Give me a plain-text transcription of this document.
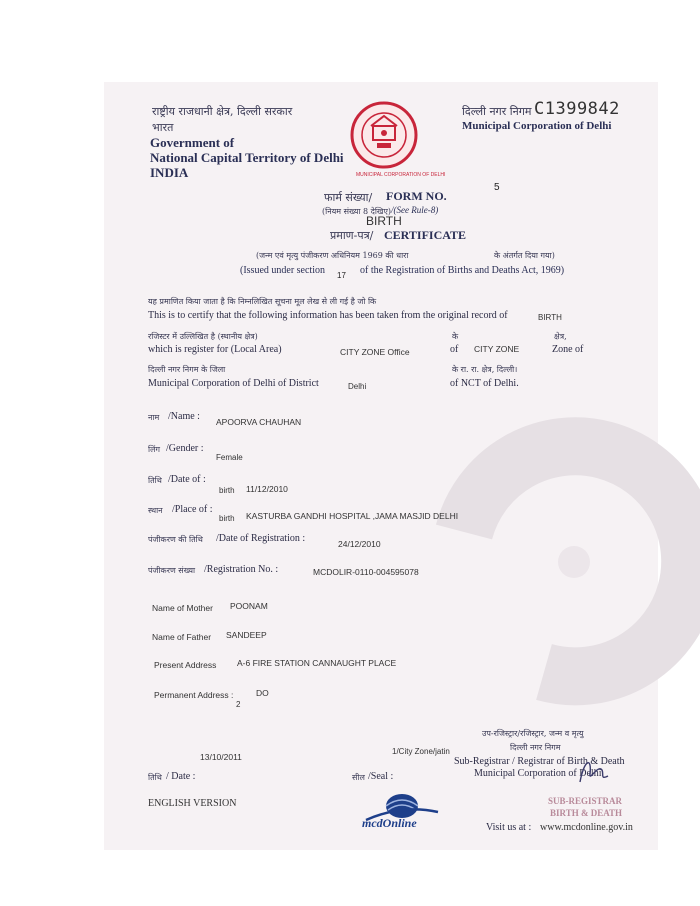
राष्ट्रीय राजधानी क्षेत्र, दिल्ली सरकार
भारत
Government of
National Capital Territory of Delhi
INDIA	MUNICIPAL CORPORATION OF DELHI
दिल्ली नगर निगम C1399842
Municipal Corporation of Delhi
फार्म संख्या/ FORM NO.
5
(नियम संख्या 8 देखिए) /(See Rule-8)
BIRTH
प्रमाण-पत्र/ CERTIFICATE
(जन्म एवं मृत्यु पंजीकरण अधिनियम 1969 की धारा	के अंतर्गत दिया गया)
(Issued under section 17 of the Registration of Births and Deaths Act, 1969)
यह प्रमाणित किया जाता है कि निम्नलिखित सूचना मूल लेख से ली गई है जो कि
This is to certify that the following information has been taken from the original record of	BIRTH
रजिस्टर में उल्लिखित है (स्थानीय क्षेत्र)	के	क्षेत्र,
which is register for (Local Area)	CITY ZONE Office	of CITY ZONE	Zone of
दिल्ली नगर निगम के जिला	के रा. रा. क्षेत्र, दिल्ली।
Municipal Corporation of Delhi of District	Delhi	of NCT of Delhi.
नाम /Name : APOORVA CHAUHAN
लिंग /Gender :
Female
तिथि /Date of :
birth 11/12/2010
स्थान /Place of :
birth KASTURBA GANDHI HOSPITAL ,JAMA MASJID DELHI
पंजीकरण की तिथि /Date of Registration :	24/12/2010
पंजीकरण संख्या /Registration No. :	MCDOLIR-0110-004595078
Name of Mother POONAM
Name of Father SANDEEP
Present Address A-6 FIRE STATION CANNAUGHT PLACE
Permanent Address :	DO
2
उप-रजिस्ट्रार/रजिस्ट्रार, जन्म व मृत्यु
दिल्ली नगर निगम
13/10/2011
1/City Zone/jatin
Sub-Registrar / Registrar of Birth & Death
Municipal Corporation of Delhi
तिथि / Date :	सील /Seal :
ENGLISH VERSION
mcdOnline
SUB-REGISTRAR
BIRTH & DEATH
Visit us at : www.mcdonline.gov.in
